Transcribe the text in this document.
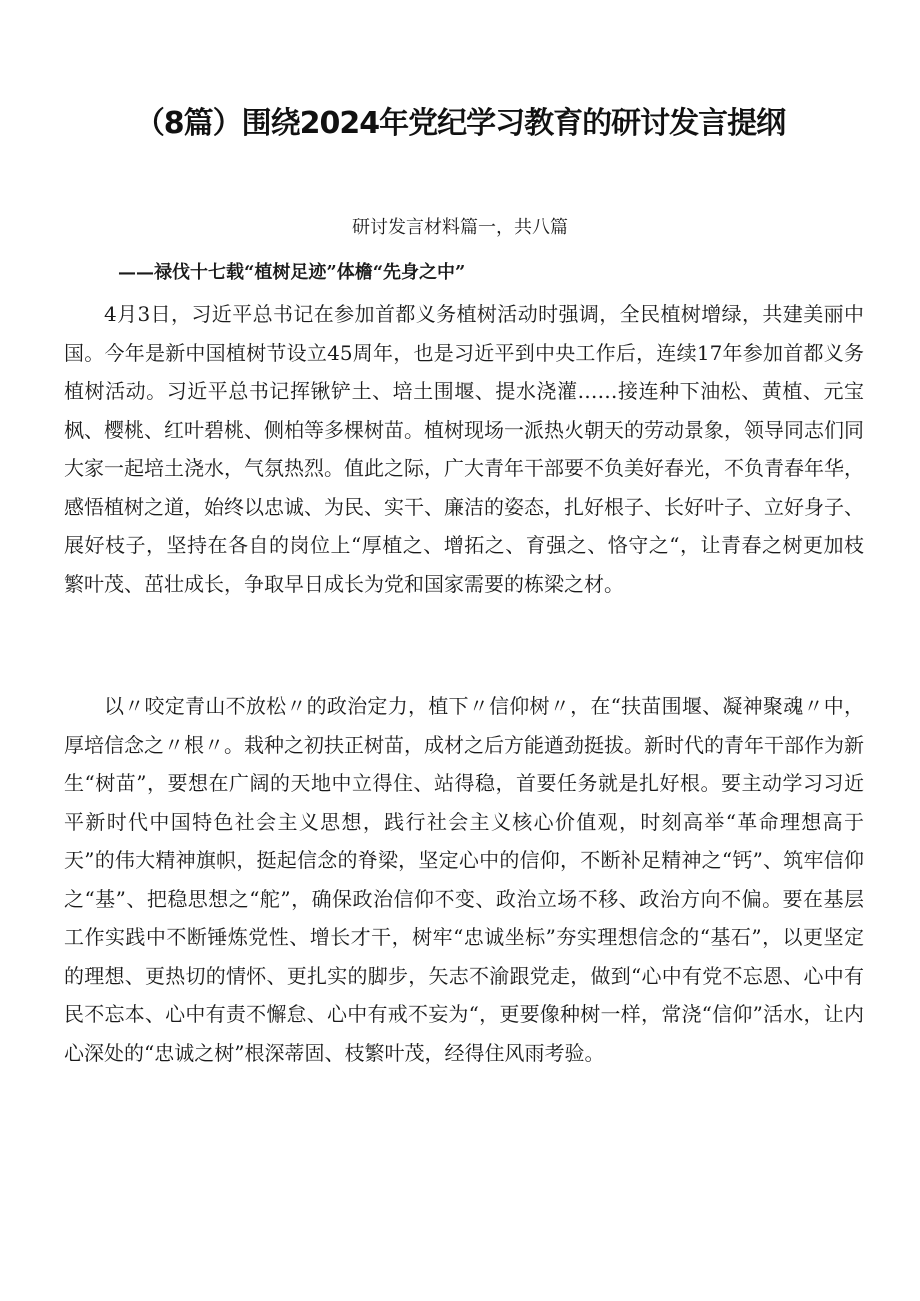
（8篇）围绕2024年党纪学习教育的研讨发言提纲

研讨发言材料篇一，共八篇

——禄伐十七载“植树足迹”体檐“先身之中”

4月3日，习近平总书记在参加首都义务植树活动时强调，全民植树增绿，共建美丽中国。今年是新中国植树节设立45周年，也是习近平到中央工作后，连续17年参加首都义务植树活动。习近平总书记挥锹铲土、培土围堰、提水浇灌……接连种下油松、黄植、元宝枫、樱桃、红叶碧桃、侧柏等多棵树苗。植树现场一派热火朝天的劳动景象，领导同志们同大家一起培土浇水，气氛热烈。值此之际，广大青年干部要不负美好春光，不负青春年华，感悟植树之道，始终以忠诚、为民、实干、廉洁的姿态，扎好根子、长好叶子、立好身子、展好枝子，坚持在各自的岗位上“厚植之、增拓之、育强之、恪守之“，让青春之树更加枝繁叶茂、茁壮成长，争取早日成长为党和国家需要的栋梁之材。

以〃咬定青山不放松〃的政治定力，植下〃信仰树〃，在“扶苗围堰、凝神聚魂〃中，厚培信念之〃根〃。栽种之初扶正树苗，成材之后方能遒劲挺拔。新时代的青年干部作为新生“树苗”，要想在广阔的天地中立得住、站得稳，首要任务就是扎好根。要主动学习习近平新时代中国特色社会主义思想，践行社会主义核心价值观，时刻高举“革命理想高于天”的伟大精神旗帜，挺起信念的脊梁，坚定心中的信仰，不断补足精神之“钙”、筑牢信仰之“基”、把稳思想之“舵”，确保政治信仰不变、政治立场不移、政治方向不偏。要在基层工作实践中不断锤炼党性、增长才干，树牢“忠诚坐标”夯实理想信念的“基石”，以更坚定的理想、更热切的情怀、更扎实的脚步，矢志不渝跟党走，做到“心中有党不忘恩、心中有民不忘本、心中有责不懈怠、心中有戒不妄为“，更要像种树一样，常浇“信仰”活水，让内心深处的“忠诚之树”根深蒂固、枝繁叶茂，经得住风雨考验。
